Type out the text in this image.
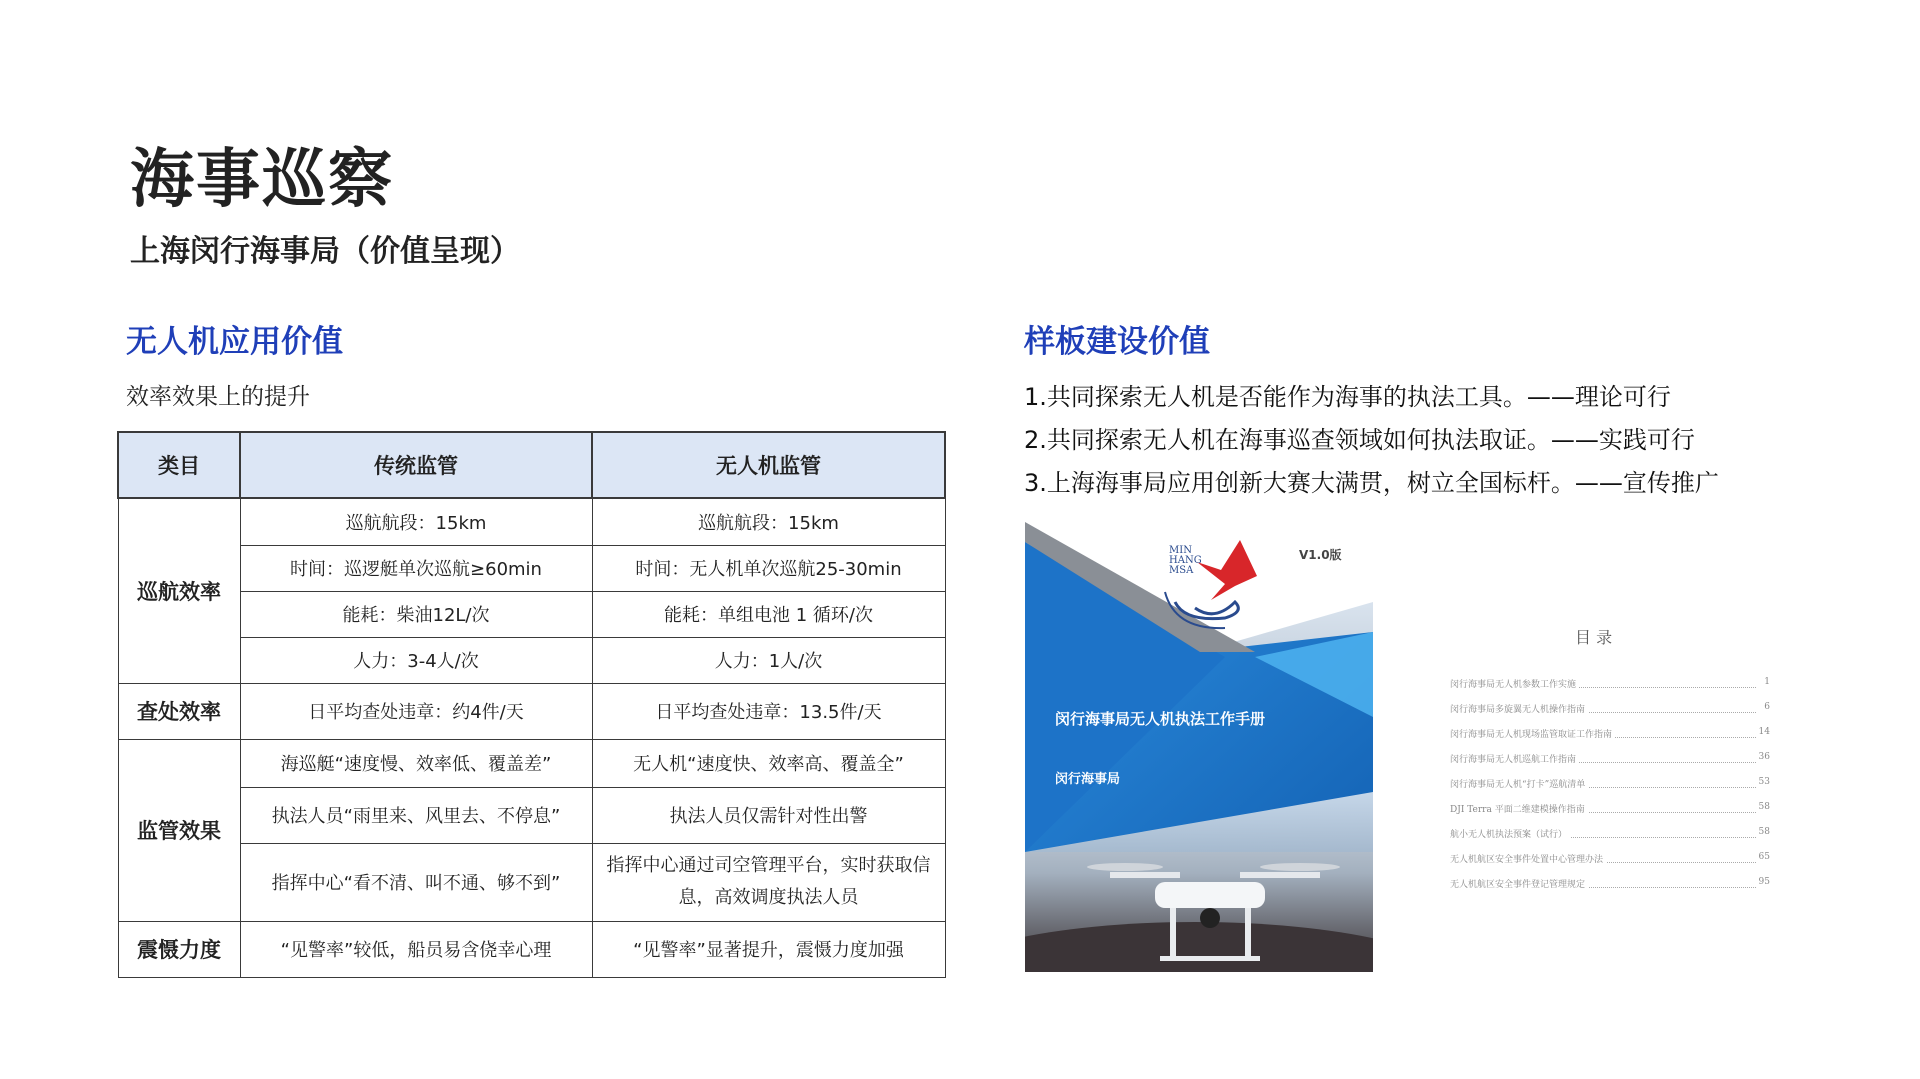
海事巡察
上海闵行海事局（价值呈现）
无人机应用价值
效率效果上的提升
类目	传统监管	无人机监管
巡航效率	巡航航段：15km	巡航航段：15km
	时间：巡逻艇单次巡航≥60min	时间：无人机单次巡航25-30min
	能耗：柴油12L/次	能耗：单组电池 1 循环/次
	人力：3-4人/次	人力：1人/次
查处效率	日平均查处违章：约4件/天	日平均查处违章：13.5件/天
监管效果	海巡艇“速度慢、效率低、覆盖差”	无人机“速度快、效率高、覆盖全”
	执法人员“雨里来、风里去、不停息”	执法人员仅需针对性出警
	指挥中心“看不清、叫不通、够不到”	指挥中心通过司空管理平台，实时获取信息，高效调度执法人员
震慑力度	“见警率”较低，船员易含侥幸心理	“见警率”显著提升，震慑力度加强
样板建设价值
1.共同探索无人机是否能作为海事的执法工具。——理论可行
2.共同探索无人机在海事巡查领域如何执法取证。——实践可行
3.上海海事局应用创新大赛大满贯，树立全国标杆。——宣传推广
MIN
HANG
MSA
V1.0版
闵行海事局无人机执法工作手册
闵行海事局
目 录
闵行海事局无人机参数工作实施	1
闵行海事局多旋翼无人机操作指南	6
闵行海事局无人机现场监管取证工作指南	14
闵行海事局无人机巡航工作指南	36
闵行海事局无人机“打卡”巡航清单	53
DJI Terra 平面二维建模操作指南	58
航小无人机执法预案（试行）	58
无人机航区安全事件处置中心管理办法	65
无人机航区安全事件登记管理规定	95
